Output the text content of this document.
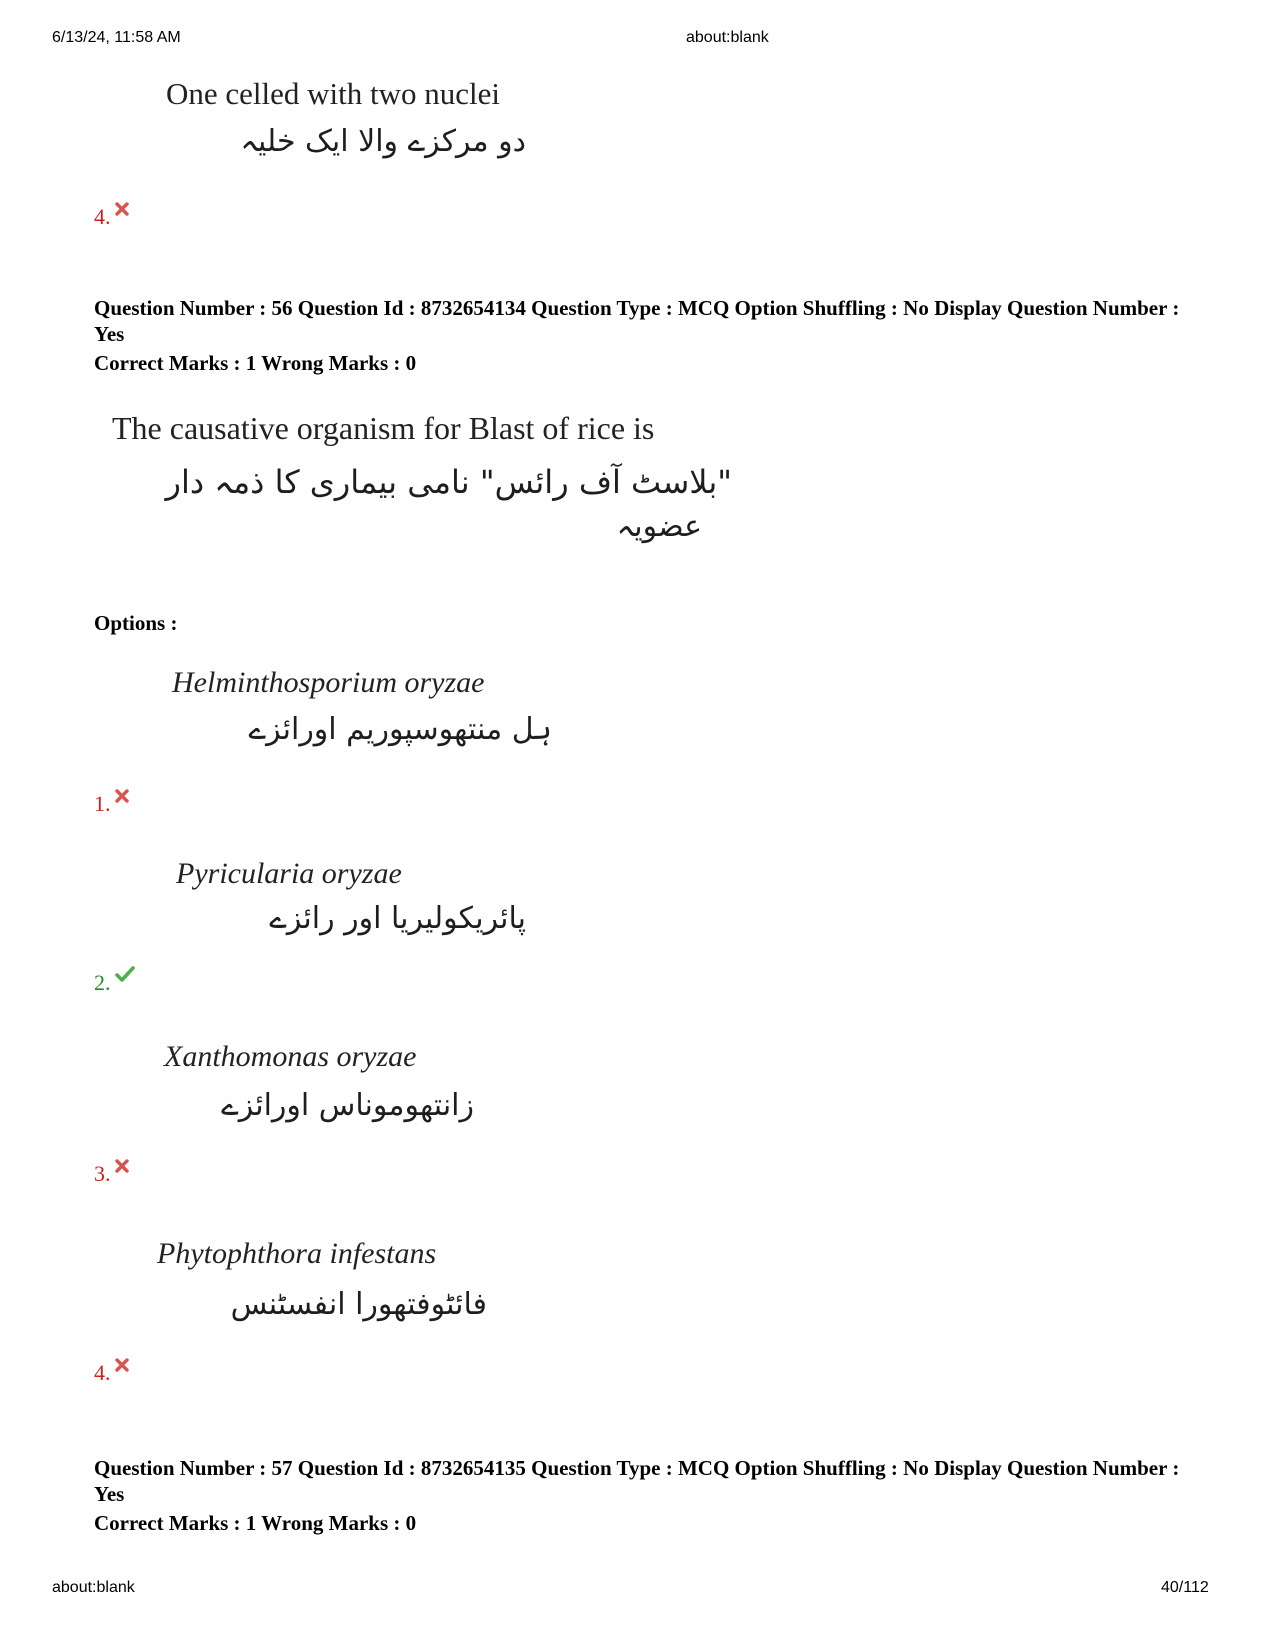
6/13/24, 11:58 AM	about:blank
One celled with two nuclei
دو مرکزے والا ایک خلیہ
4.
Question Number : 56 Question Id : 8732654134 Question Type : MCQ Option Shuffling : No Display Question Number : Yes
Correct Marks : 1 Wrong Marks : 0
The causative organism for Blast of rice is
"بلاسٹ آف رائس" نامی بیماری کا ذمہ دار
عضویہ
Options :
Helminthosporium oryzae
ہل منتھوسپوریم اورائزے
1.
Pyricularia oryzae
پائریکولیریا اور رائزے
2.
Xanthomonas oryzae
زانتھوموناس اورائزے
3.
Phytophthora infestans
فائٹوفتھورا انفسٹنس
4.
Question Number : 57 Question Id : 8732654135 Question Type : MCQ Option Shuffling : No Display Question Number : Yes
Correct Marks : 1 Wrong Marks : 0
about:blank	40/112
